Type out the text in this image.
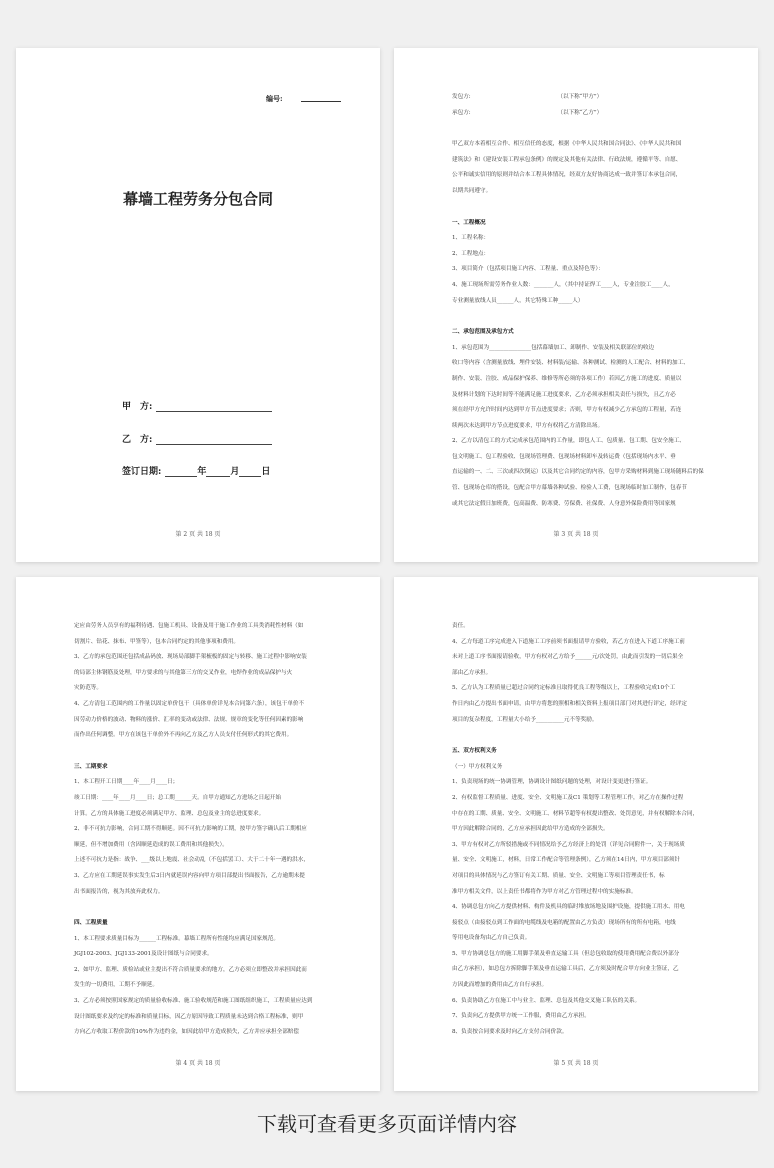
编号:
幕墙工程劳务分包合同
甲　方:
乙　方:
签订日期:	年	月 日
第 2 页 共 18 页

发包方:　　　　　　　　　　　　　　　　（以下称“甲方”）

承包方:　　　　　　　　　　　　　　　　（以下称“乙方”）

甲乙双方本着相互合作、相互信任的态度，根据《中华人民共和国合同法》、《中华人民共和国

建筑法》和《建设安装工程承包条例》的规定及其他有关法律、行政法规，遵循平等、自愿、

公平和诚实信用的原则并结合本工程具体情况，经双方友好协商达成一致并签订本承包合同，

以期共同遵守。

一、工程概况

1、工程名称：

2、工程地点：

3、项目简介（包括项目施工内容、工程量、重点及特色等）：

4、施工现场所需劳务作业人数：_______人，（其中持证焊工____人，专业注胶工____人，

专业测量放线人员______人，其它特殊工种_____人）

二、承包范围及承包方式

1、承包范围为_______________包括幕墙加工、卸制作、安装及相关联部位的收边

收口等内容（含测量放线、埋件安装、材料装/运输、各种测试、检测的人工配合、材料的加工、

制作、安装、注胶、成品保护保养、维修等所必须的各项工作）若因乙方施工的进度、质量以

及材料计划的下达时间等不能满足施工进度要求，乙方必须承担相关责任与损失，且乙方必

须在经甲方允许时间内达到甲方节点进度要求；否则，甲方有权减少乙方承包的工程量，若连

续两次未达到甲方节点进度要求，甲方有权将乙方清除出场。

2、乙方以清包工的方式完成承包范围内的工作量，即包人工、包质量、包工期、包安全施工、

包文明施工、包工程验收、包现场管理费、包现场材料卸车及转运费（包括现场内水平、垂

直运输的一、二、三次或四次倒运）以及其它合同约定的内容，包甲方采购材料到施工现场随料后的保

管、包现场仓库的搭设，包配合甲方幕墙各种试验、检验人工费，包现场临时加工制作，包春节

或其它法定假日加班费，包高温费、防寒费、劳保费、社保费、人身意外保险费用等国家规

第 3 页 共 18 页

定应由劳务人员享有的福利待遇、包施工机具、设备及用于施工作业的工具类消耗性材料（如

切割片、钻花、抹布、甲签等），包本合同约定的其他事项和费用。

3、乙方的承包范围还包括成品码放、现场局部脚手架梳板的固定与转移、施工过程中影响安装

的局部主体钢筋及处理，甲方要求的与其他第三方的交叉作业，电焊作业的成品保护与火

灾防范等。

4、乙方清包工范围内的工作量以固定单价包干（具体单价详见本合同第六条），该包干单价不

因劳动力价格的波动、物料的涨价、汇率的变动或法律、法规、规章的变化等任何因素的影响

而作出任何调整。甲方在该包干单价外不再向乙方及乙方人员支付任何形式的其它费用。

三、工期要求

1、本工程开工日期____年____月____日；

竣工日期：____年____月____日；总工期______天。自甲方通知乙方进场之日起开始

计算。乙方的具体施工进度必须满足甲方、监理、总包及业主的总进度要求。

2、非不可抗力影响，合同工期不得顺延。因不可抗力影响的工期，按甲方签字确认后工期相应

顺延，但不增加费用（含因顺延造成的误工费用和其他损失）。

上述不可抗力是指：战争、___级以上地震、社会动乱（不包括罢工）、大于二十年一遇的洪水，

3、乙方应在工期延误事实发生后3日内就延误内容向甲方项目部提出书面报告，乙方逾期未提

出书面报告的，视为其放弃此权力。

四、工程质量

1、本工程要求质量目标为______工程标准。幕墙工程所有性能均应满足国家规范。

JGJ102-2003、JGJ133-2001及设计图纸与合同要求。

2、如甲方、监理、质检站或业主提出不符合质量要求的地方，乙方必须立即整改并承担因此而

发生的一切费用，工期不予顺延。

3、乙方必须按照国家规定的质量验收标准、施工验收规范和施工图纸组织施工，工程质量应达到

设计图纸要求及约定的标准和质量目标，因乙方原因导致工程质量未达到合格工程标准，则甲

方向乙方收取工程价款的10%作为违约金，如因此给甲方造成损失，乙方并应承担全部赔偿

第 4 页 共 18 页

责任。

4、乙方每道工序完成进入下道施工工序前须书面报请甲方验收，若乙方在进入下道工序施工前

未对上道工序书面报请验收，甲方有权对乙方给予______元/次处罚，由此而引发的一切后果全

部由乙方承担。

5、乙方认为工程质量已超过合同约定标准且取得优良工程等级以上，工程验收完成10个工

作日内由乙方提出书面申请，由甲方将您的照相和相关资料上报项目部门对其进行评定，经评定

项目的复杂程度，工程量大小给予__________元不等奖励。

五、双方权利义务

（一）甲方权利义务

1、负责现场的统一协调管理，协调设计图纸问题的处理，对设计变更进行签证。

2、有权监督工程质量、进度、安全、文明施工及C1 策划等工程管理工作，对乙方在操作过程

中存在的工期、质量、安全、文明施工、材料节超等有权提出整改、处罚意见，并有权解除本合同，

甲方因此解除合同的，乙方应承担因此给甲方造成的全部损失。

3、甲方有权对乙方所驳措施或不同情况给予乙方经济上的处罚（详见合同附件一，关于现场质

量、安全、文明施工，材料，日常工作配合等管理条例），乙方须在14日内，甲方项目部须针

对项目的具体情况与乙方签订有关工期、质量、安全、文明施工等项目管理责任书，标

准甲方相关文件，以上责任书都将作为甲方对乙方管理过程中的实施标准。

4、协调总包方向乙方提供材料、构件及机具的临时堆放场地及围护设施，提供施工用水、用电

接驳点（由接驳点到工作面的电缆线及电箱的配置由乙方负责）现场所有的所有电箱，电线

等用电设备均由乙方自己负责。

5、甲方协调总包方的施工用脚手架及垂直运输工具（但总包收取的使用费用配合费以外部分

由乙方承担），如总包方拆除脚手架及垂直运输工具后，乙方须及时配合甲方向业主签证，乙

方因此而增加的费用由乙方自行承担。

6、负责协助乙方在施工中与业主、监理、总包及其他交叉施工队伍的关系。

7、负责向乙方提供甲方统一工作服，费用由乙方承担。

8、负责按合同要求及时向乙方支付合同价款。

第 5 页 共 18 页
下载可查看更多页面详情内容
